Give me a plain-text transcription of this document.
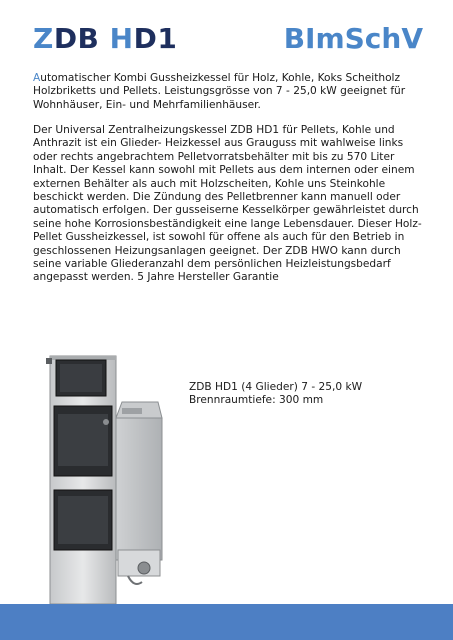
ZDB HD1	BImSchV

Automatischer Kombi Gussheizkessel für Holz, Kohle, Koks Scheitholz Holzbriketts und Pellets. Leistungsgrösse von 7 - 25,0 kW geeignet für Wohnhäuser, Ein- und Mehrfamilienhäuser.

Der Universal Zentralheizungskessel ZDB HD1 für Pellets, Kohle und Anthrazit ist ein Glieder- Heizkessel aus Grauguss mit wahlweise links oder rechts angebrachtem Pelletvorratsbehälter mit bis zu 570 Liter Inhalt. Der Kessel kann sowohl mit Pellets aus dem internen oder einem externen Behälter als auch mit Holzscheiten, Kohle uns Steinkohle beschickt werden. Die Zündung des Pelletbrenner kann manuell oder automatisch erfolgen. Der gusseiserne Kesselkörper gewährleistet durch seine hohe Korrosionsbeständigkeit eine lange Lebensdauer. Dieser Holz-Pellet Gussheizkessel, ist sowohl für offene als auch für den Betrieb in geschlossenen Heizungsanlagen geeignet. Der ZDB HWO kann durch seine variable Gliederanzahl dem persönlichen Heizleistungsbedarf angepasst werden. 5 Jahre Hersteller Garantie

ZDB HD1 (4 Glieder) 7 - 25,0 kW
Brennraumtiefe: 300 mm
